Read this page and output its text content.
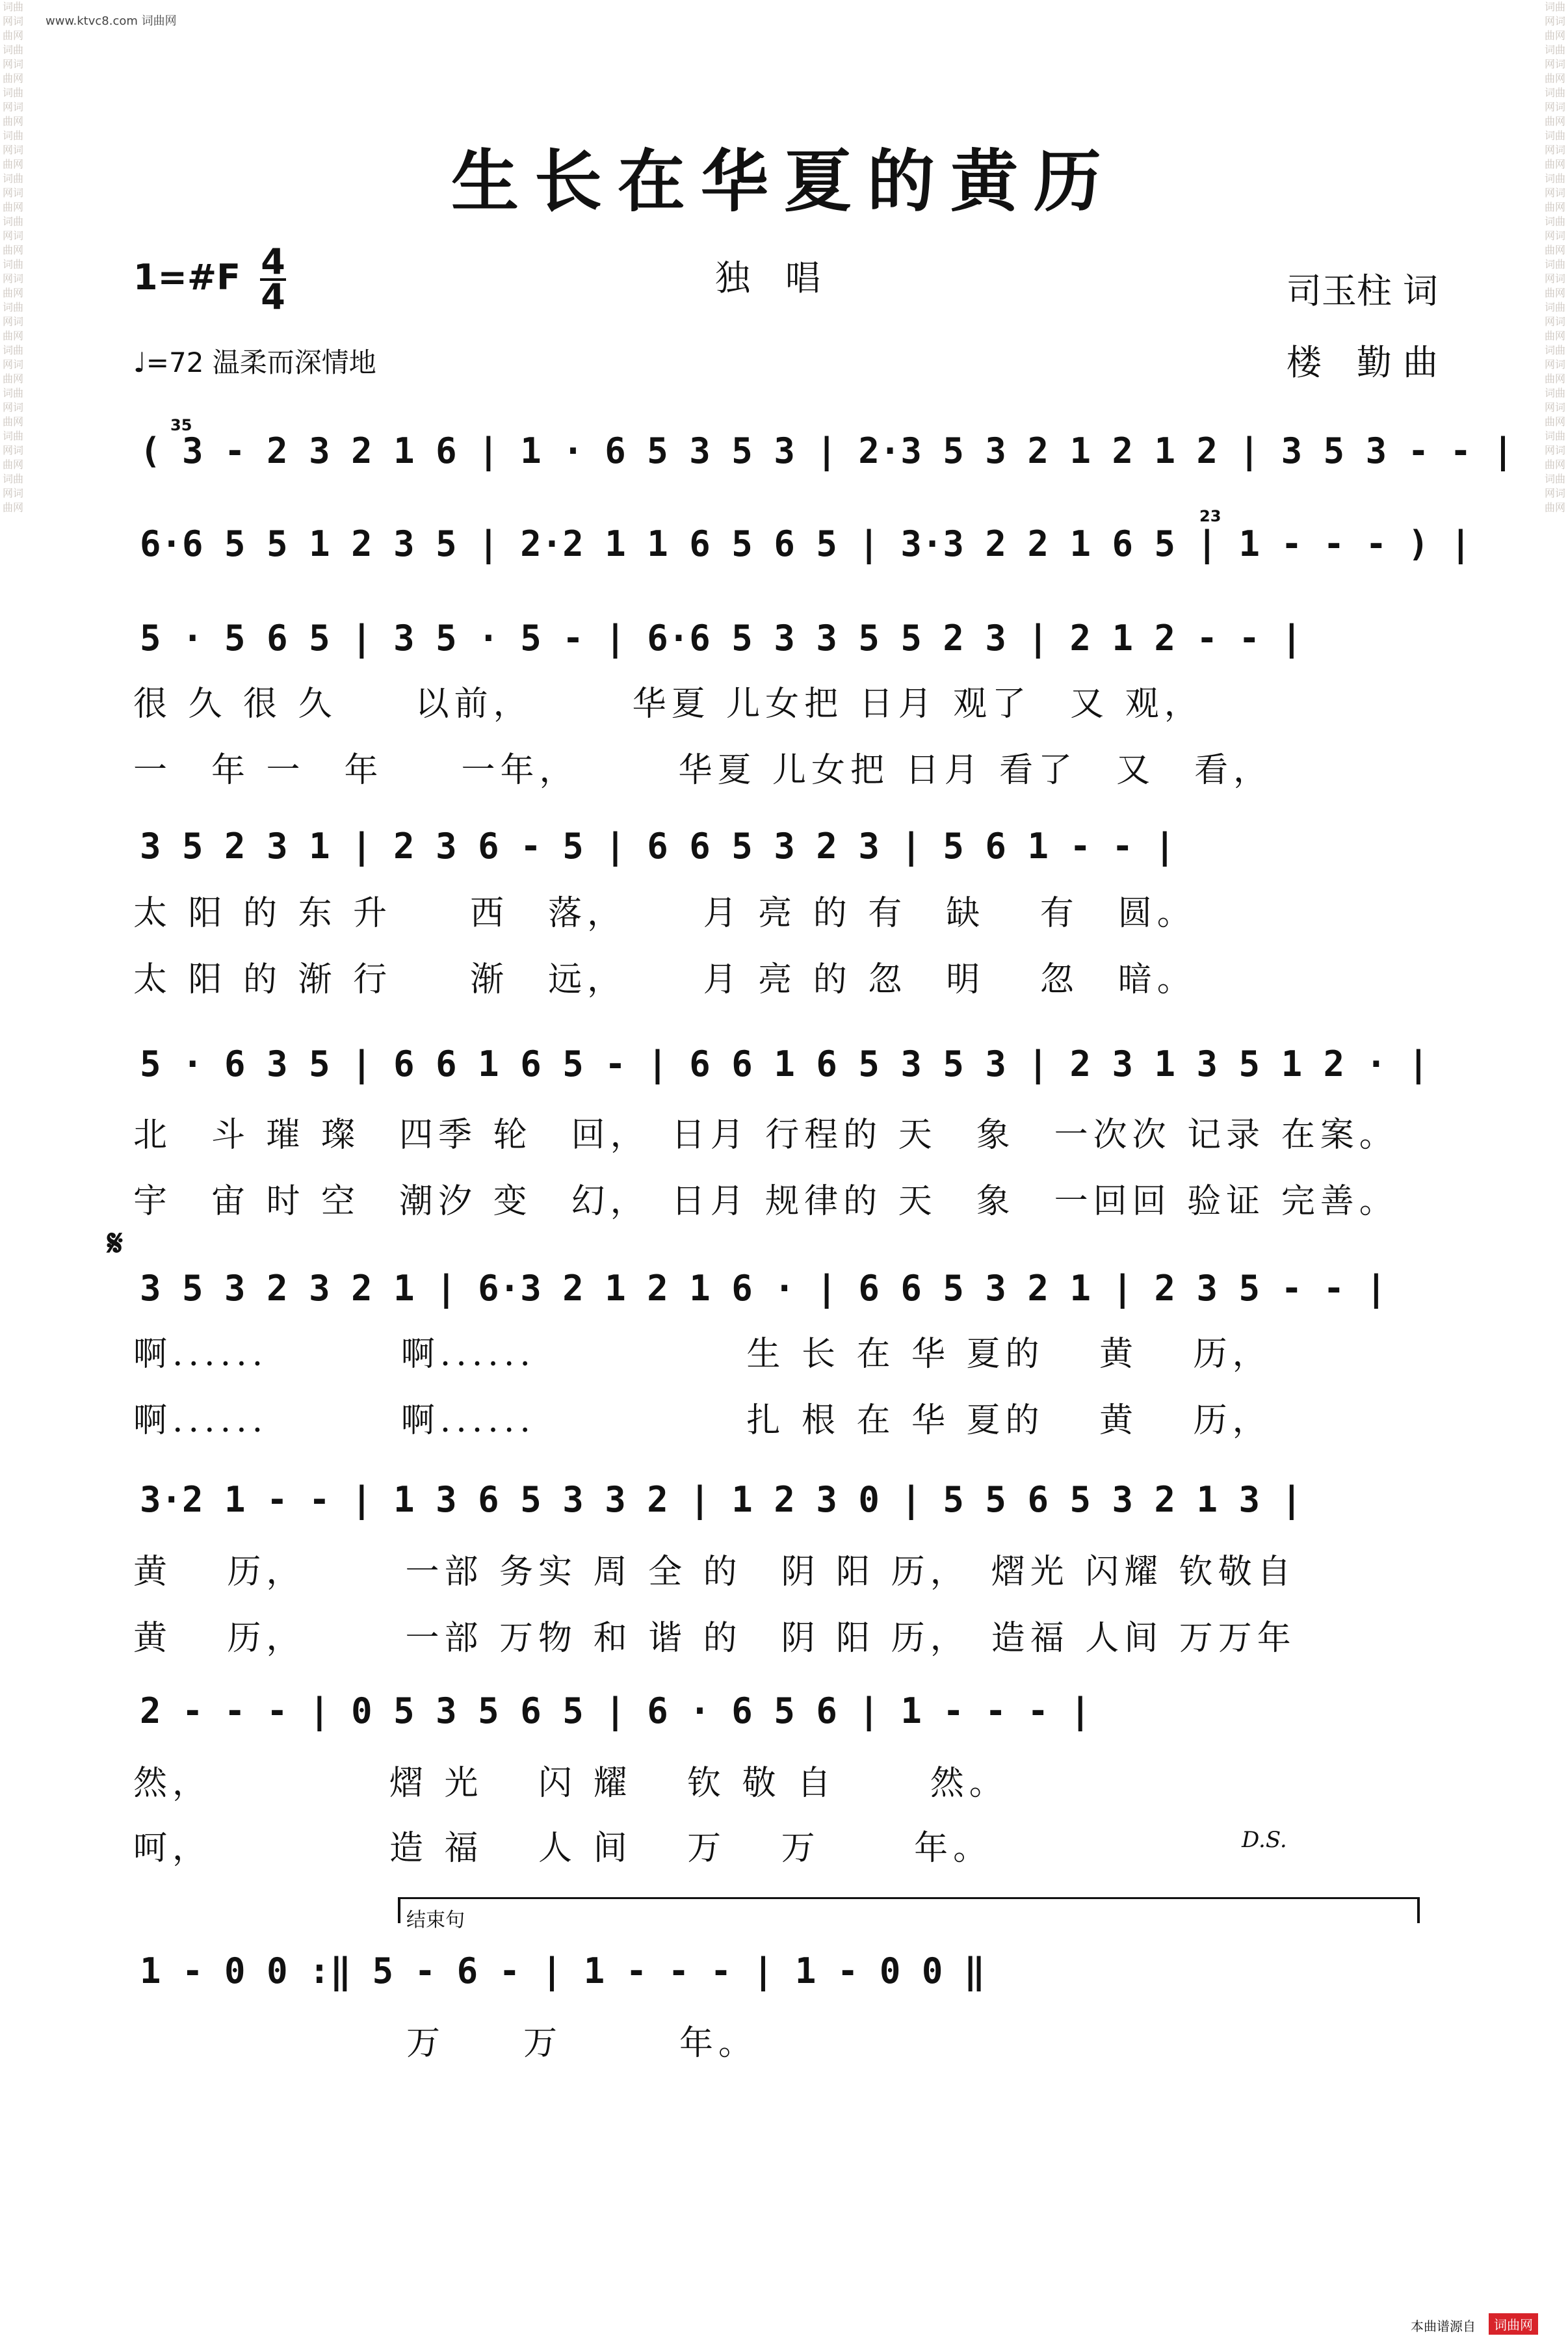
词曲网词曲网词曲网词曲网词曲网词曲网词曲网词曲网词曲网词曲网词曲网词曲网词曲网词曲网词曲网词曲网词曲网词曲网词曲网词曲网词曲网词曲网词曲网词曲网
词曲网词曲网词曲网词曲网词曲网词曲网词曲网词曲网词曲网词曲网词曲网词曲网词曲网词曲网词曲网词曲网词曲网词曲网词曲网词曲网词曲网词曲网词曲网词曲网
www.ktvc8.com 词曲网
生长在华夏的黄历
1=#F 4
4	独　唱	司玉柱 词
楼　勤 曲
♩=72 温柔而深情地
35
23
( 3 - 2 3 2 1 6 | 1 · 6 5 3 5 3 | 2·3 5 3 2 1 2 1 2 | 3 5 3 - - |
6·6 5 5 1 2 3 5 | 2·2 1 1 6 5 6 5 | 3·3 2 2 1 6 5 | 1 - - - ) |
5 · 5 6 5 | 3 5 · 5 - | 6·6 5 3 3 5 5 2 3 | 2 1 2 - - |
很 久 很 久　　以前，　　　华夏 儿女把 日月 观了　又 观，
一　年 一　年　　一年，　　　华夏 儿女把 日月 看了　又　看，
3 5 2 3 1 | 2 3 6 - 5 | 6 6 5 3 2 3 | 5 6 1 - - |
太 阳 的 东 升　　西　落，　　 月 亮 的 有　缺　 有　圆。
太 阳 的 渐 行　　渐　远，　　 月 亮 的 忽　明　 忽　暗。
5 · 6 3 5 | 6 6 1 6 5 - | 6 6 1 6 5 3 5 3 | 2 3 1 3 5 1 2 · |
北　斗 璀 璨　四季 轮　回，　日月 行程的 天　象　一次次 记录 在案。
宇　宙 时 空　潮汐 变　幻，　日月 规律的 天　象　一回回 验证 完善。
𝄋
3 5 3 2 3 2 1 | 6·3 2 1 2 1 6 · | 6 6 5 3 2 1 | 2 3 5 - - |
啊......　　　 啊......　　　　　 生 长 在 华 夏的　 黄　 历，
啊......　　　 啊......　　　　　 扎 根 在 华 夏的　 黄　 历，
3·2 1 - - | 1 3 6 5 3 3 2 | 1 2 3 0 | 5 5 6 5 3 2 1 3 |
黄　 历，　　　一部 务实 周 全 的　阴 阳 历，　熠光 闪耀 钦敬自
黄　 历，　　　一部 万物 和 谐 的　阴 阳 历，　造福 人间 万万年
2 - - - | 0 5 3 5 6 5 | 6 · 6 5 6 | 1 - - - |
然，　　　　　熠 光　 闪 耀　 钦 敬 自　　 然。
呵，　　　　　造 福　 人 间　 万　 万　　 年。	D.S.
结束句
1 - 0 0 :‖ 5 - 6 - | 1 - - - | 1 - 0 0 ‖
　　　　　　　万　　万　　　年。
本曲谱源自	词曲网
